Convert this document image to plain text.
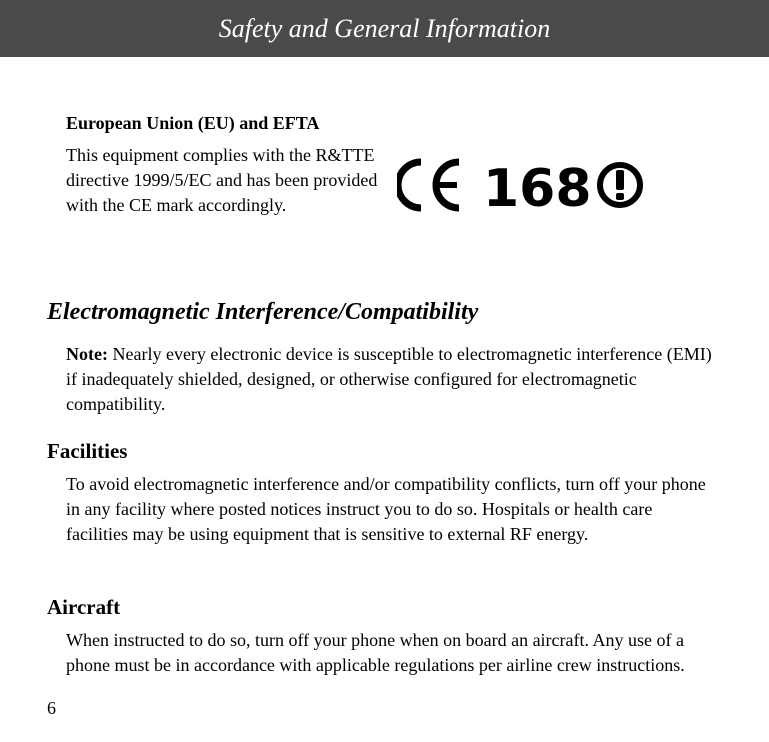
Safety and General Information
European Union (EU) and EFTA
This equipment complies with the R&TTE directive 1999/5/EC and has been provided with the CE mark accordingly.	168
Electromagnetic Interference/Compatibility
Note: Nearly every electronic device is susceptible to electromagnetic interference (EMI) if inadequately shielded, designed, or otherwise configured for electromagnetic compatibility.
Facilities
To avoid electromagnetic interference and/or compatibility conflicts, turn off your phone in any facility where posted notices instruct you to do so. Hospitals or health care facilities may be using equipment that is sensitive to external RF energy.
Aircraft
When instructed to do so, turn off your phone when on board an aircraft. Any use of a phone must be in accordance with applicable regulations per airline crew instructions.
6
